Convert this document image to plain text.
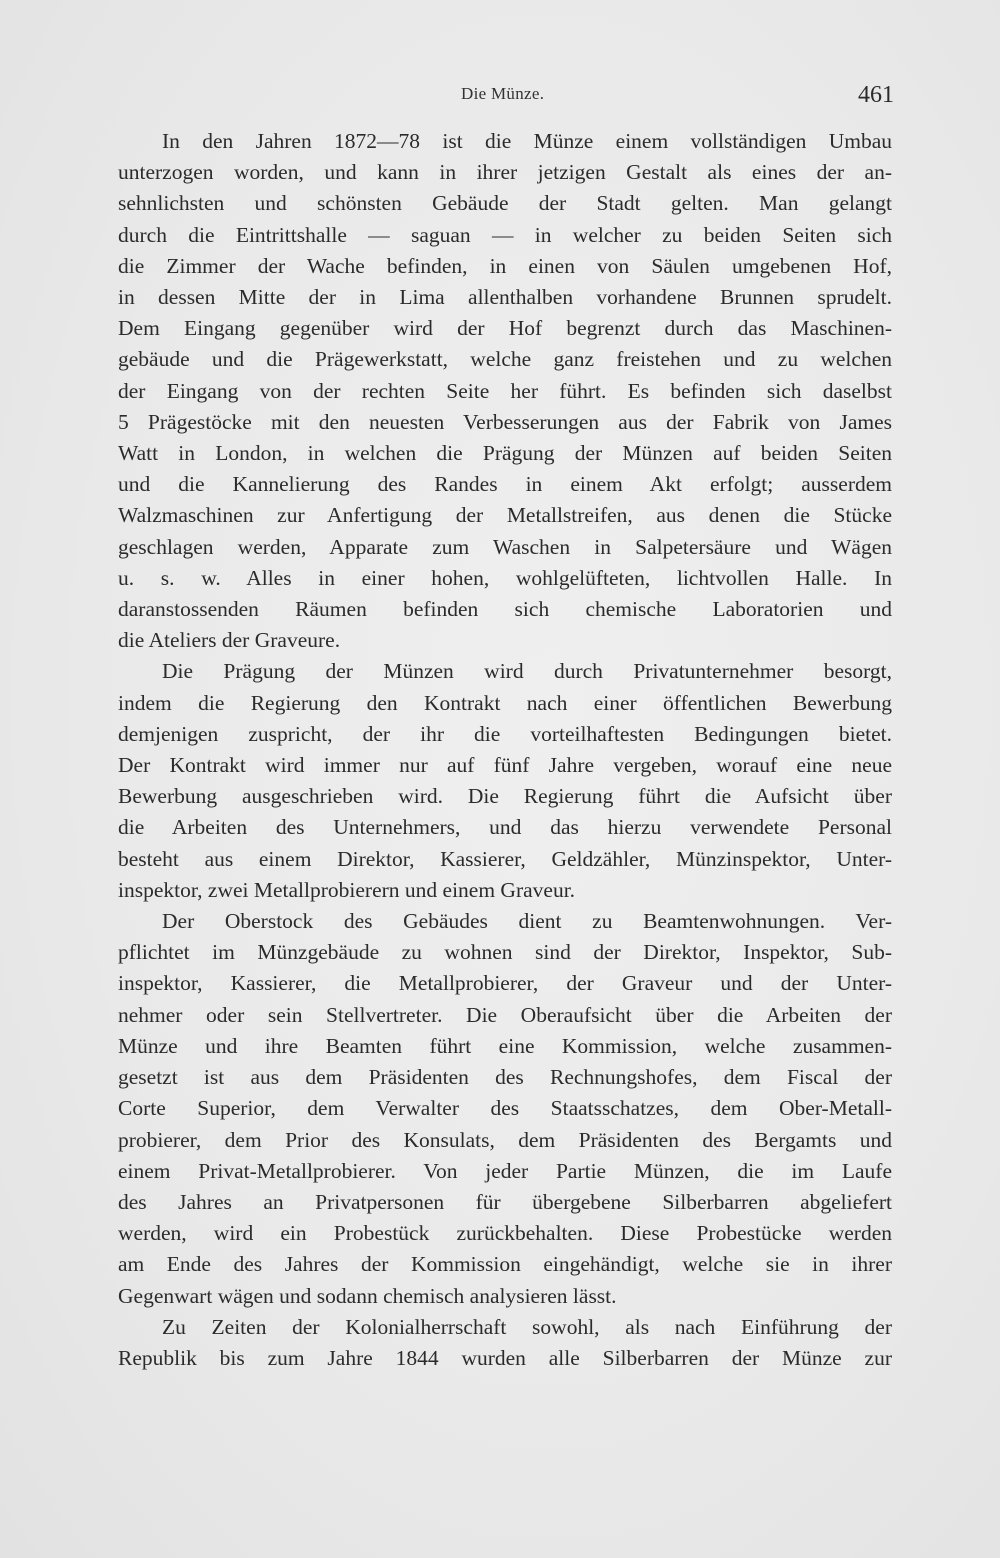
Die Münze.	461

In den Jahren 1872—78 ist die Münze einem vollständigen Umbau
unterzogen worden, und kann in ihrer jetzigen Gestalt als eines der an-
sehnlichsten und schönsten Gebäude der Stadt gelten. Man gelangt
durch die Eintrittshalle — saguan — in welcher zu beiden Seiten sich
die Zimmer der Wache befinden, in einen von Säulen umgebenen Hof,
in dessen Mitte der in Lima allenthalben vorhandene Brunnen sprudelt.
Dem Eingang gegenüber wird der Hof begrenzt durch das Maschinen-
gebäude und die Prägewerkstatt, welche ganz freistehen und zu welchen
der Eingang von der rechten Seite her führt. Es befinden sich daselbst
5 Prägestöcke mit den neuesten Verbesserungen aus der Fabrik von James
Watt in London, in welchen die Prägung der Münzen auf beiden Seiten
und die Kannelierung des Randes in einem Akt erfolgt; ausserdem
Walzmaschinen zur Anfertigung der Metallstreifen, aus denen die Stücke
geschlagen werden, Apparate zum Waschen in Salpetersäure und Wägen
u. s. w. Alles in einer hohen, wohlgelüfteten, lichtvollen Halle. In
daranstossenden Räumen befinden sich chemische Laboratorien und
die Ateliers der Graveure.

Die Prägung der Münzen wird durch Privatunternehmer besorgt,
indem die Regierung den Kontrakt nach einer öffentlichen Bewerbung
demjenigen zuspricht, der ihr die vorteilhaftesten Bedingungen bietet.
Der Kontrakt wird immer nur auf fünf Jahre vergeben, worauf eine neue
Bewerbung ausgeschrieben wird. Die Regierung führt die Aufsicht über
die Arbeiten des Unternehmers, und das hierzu verwendete Personal
besteht aus einem Direktor, Kassierer, Geldzähler, Münzinspektor, Unter-
inspektor, zwei Metallprobierern und einem Graveur.

Der Oberstock des Gebäudes dient zu Beamtenwohnungen. Ver-
pflichtet im Münzgebäude zu wohnen sind der Direktor, Inspektor, Sub-
inspektor, Kassierer, die Metallprobierer, der Graveur und der Unter-
nehmer oder sein Stellvertreter. Die Oberaufsicht über die Arbeiten der
Münze und ihre Beamten führt eine Kommission, welche zusammen-
gesetzt ist aus dem Präsidenten des Rechnungshofes, dem Fiscal der
Corte Superior, dem Verwalter des Staatsschatzes, dem Ober-Metall-
probierer, dem Prior des Konsulats, dem Präsidenten des Bergamts und
einem Privat-Metallprobierer. Von jeder Partie Münzen, die im Laufe
des Jahres an Privatpersonen für übergebene Silberbarren abgeliefert
werden, wird ein Probestück zurückbehalten. Diese Probestücke werden
am Ende des Jahres der Kommission eingehändigt, welche sie in ihrer
Gegenwart wägen und sodann chemisch analysieren lässt.

Zu Zeiten der Kolonialherrschaft sowohl, als nach Einführung der
Republik bis zum Jahre 1844 wurden alle Silberbarren der Münze zur
